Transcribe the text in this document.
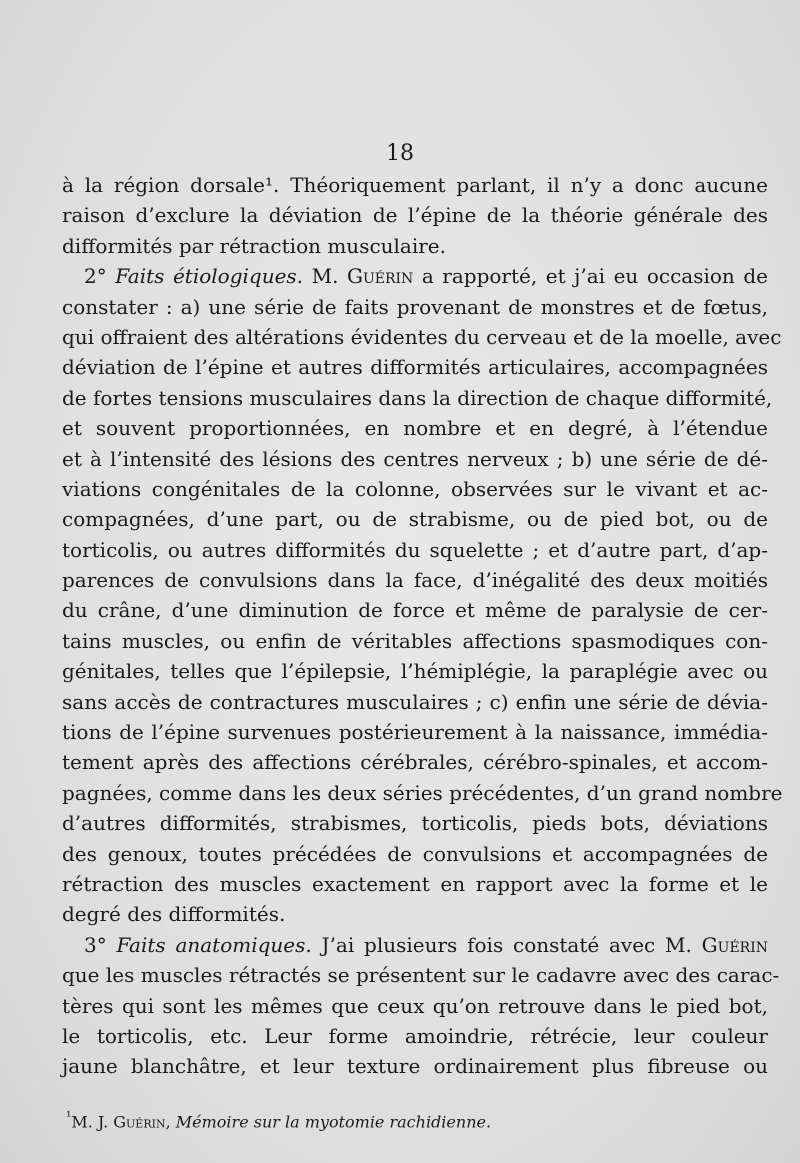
18
à la région dorsale¹. Théoriquement parlant, il n’y a donc aucune
raison d’exclure la déviation de l’épine de la théorie générale des
difformités par rétraction musculaire.
2° Faits étiologiques. M. Guérin a rapporté, et j’ai eu occasion de
constater : a) une série de faits provenant de monstres et de fœtus,
qui offraient des altérations évidentes du cerveau et de la moelle, avec
déviation de l’épine et autres difformités articulaires, accompagnées
de fortes tensions musculaires dans la direction de chaque difformité,
et souvent proportionnées, en nombre et en degré, à l’étendue
et à l’intensité des lésions des centres nerveux ; b) une série de dé-
viations congénitales de la colonne, observées sur le vivant et ac-
compagnées, d’une part, ou de strabisme, ou de pied bot, ou de
torticolis, ou autres difformités du squelette ; et d’autre part, d’ap-
parences de convulsions dans la face, d’inégalité des deux moitiés
du crâne, d’une diminution de force et même de paralysie de cer-
tains muscles, ou enfin de véritables affections spasmodiques con-
génitales, telles que l’épilepsie, l’hémiplégie, la paraplégie avec ou
sans accès de contractures musculaires ; c) enfin une série de dévia-
tions de l’épine survenues postérieurement à la naissance, immédia-
tement après des affections cérébrales, cérébro-spinales, et accom-
pagnées, comme dans les deux séries précédentes, d’un grand nombre
d’autres difformités, strabismes, torticolis, pieds bots, déviations
des genoux, toutes précédées de convulsions et accompagnées de
rétraction des muscles exactement en rapport avec la forme et le
degré des difformités.
3° Faits anatomiques. J’ai plusieurs fois constaté avec M. Guérin
que les muscles rétractés se présentent sur le cadavre avec des carac-
tères qui sont les mêmes que ceux qu’on retrouve dans le pied bot,
le torticolis, etc. Leur forme amoindrie, rétrécie, leur couleur
jaune blanchâtre, et leur texture ordinairement plus fibreuse ou
$^{^1}$M. J. Guérin, Mémoire sur la myotomie rachidienne.
